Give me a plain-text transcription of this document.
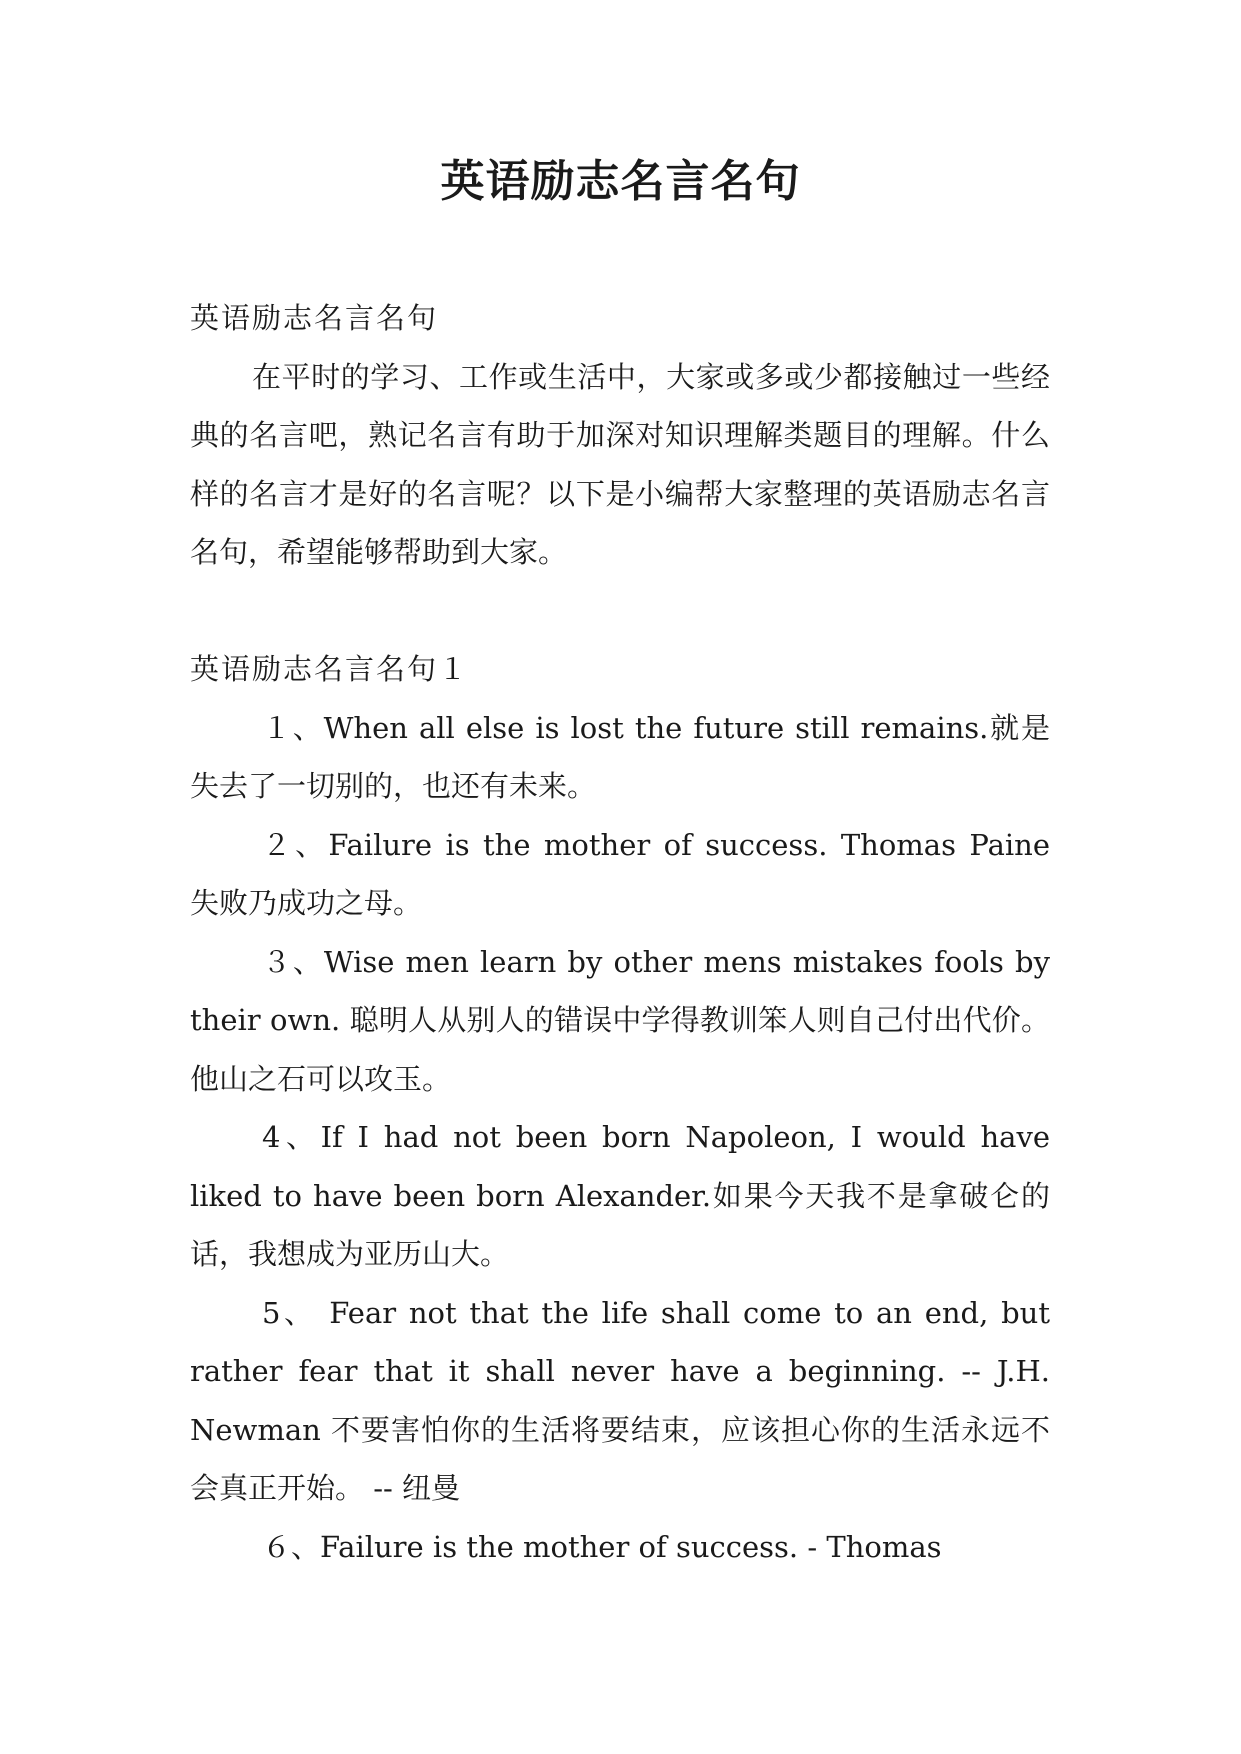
英语励志名言名句

英语励志名言名句

在平时的学习、工作或生活中，大家或多或少都接触过一些经典的名言吧，熟记名言有助于加深对知识理解类题目的理解。什么样的名言才是好的名言呢？以下是小编帮大家整理的英语励志名言名句，希望能够帮助到大家。

英语励志名言名句１

１、When all else is lost the future still remains.就是失去了一切别的，也还有未来。

２、Failure is the mother of success. Thomas Paine 失败乃成功之母。

３、Wise men learn by other mens mistakes fools by their own. 聪明人从别人的错误中学得教训笨人则自己付出代价。他山之石可以攻玉。

4、If I had not been born Napoleon, I would have liked to have been born Alexander.如果今天我不是拿破仑的话，我想成为亚历山大。

5、 Fear not that the life shall come to an end, but rather fear that it shall never have a beginning. -- J.H. Newman 不要害怕你的生活将要结束，应该担心你的生活永远不会真正开始。 -- 纽曼

６、Failure is the mother of success. - Thomas
